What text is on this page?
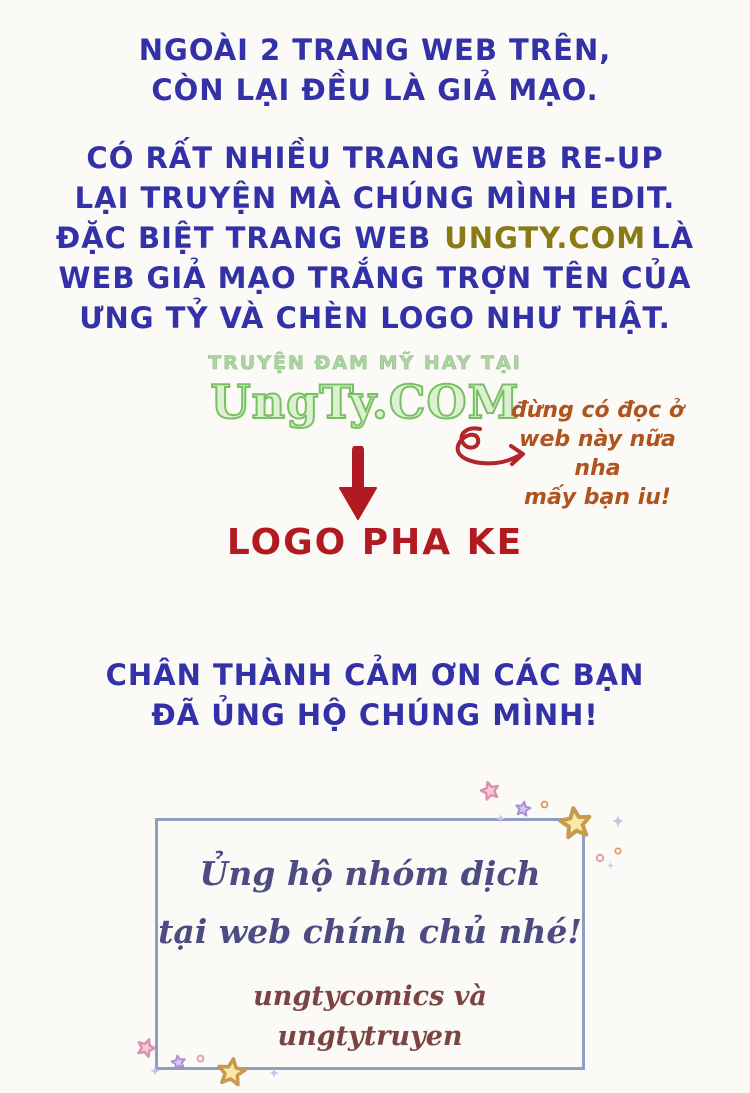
NGOÀI 2 TRANG WEB TRÊN,
CÒN LẠI ĐỀU LÀ GIẢ MẠO.
CÓ RẤT NHIỀU TRANG WEB RE-UP
LẠI TRUYỆN MÀ CHÚNG MÌNH EDIT.
ĐẶC BIỆT TRANG WEB UNGTY.COM LÀ
WEB GIẢ MẠO TRẮNG TRỢN TÊN CỦA
ƯNG TỶ VÀ CHÈN LOGO NHƯ THẬT.
TRUYỆN ĐAM MỸ HAY TẠI
UngTy.COM
đừng có đọc ở
web này nữa nha
mấy bạn iu!
LOGO PHA KE
CHÂN THÀNH CẢM ƠN CÁC BẠN
ĐÃ ỦNG HỘ CHÚNG MÌNH!
Ủng hộ nhóm dịch
tại web chính chủ nhé!
ungtycomics và ungtytruyen
